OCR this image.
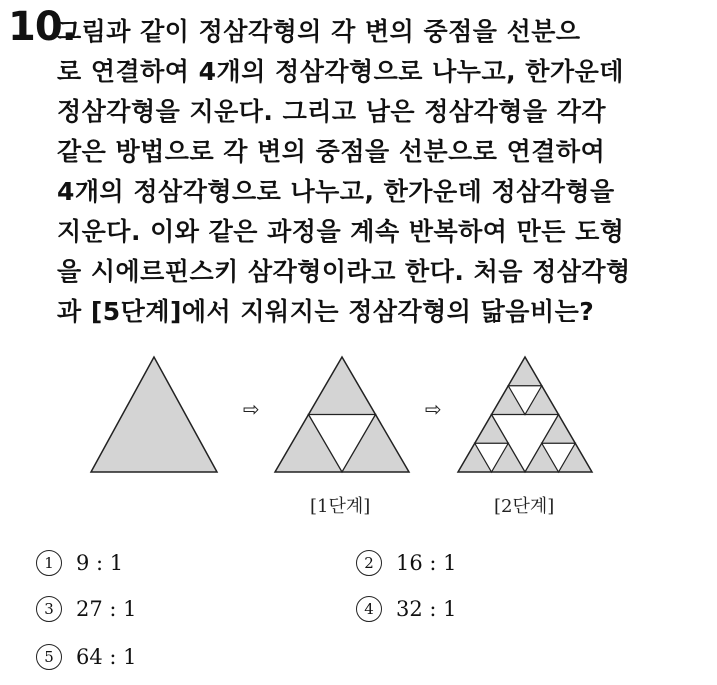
10.
그림과 같이 정삼각형의 각 변의 중점을 선분으
로 연결하여 4개의 정삼각형으로 나누고, 한가운데
정삼각형을 지운다. 그리고 남은 정삼각형을 각각
같은 방법으로 각 변의 중점을 선분으로 연결하여
4개의 정삼각형으로 나누고, 한가운데 정삼각형을
지운다. 이와 같은 과정을 계속 반복하여 만든 도형
을 시에르핀스키 삼각형이라고 한다. 처음 정삼각형
과 [5단계]에서 지워지는 정삼각형의 닮음비는?
⇨	⇨
[1단계]	[2단계]
1	9 : 1	2	16 : 1
3	27 : 1	4	32 : 1
5	64 : 1
